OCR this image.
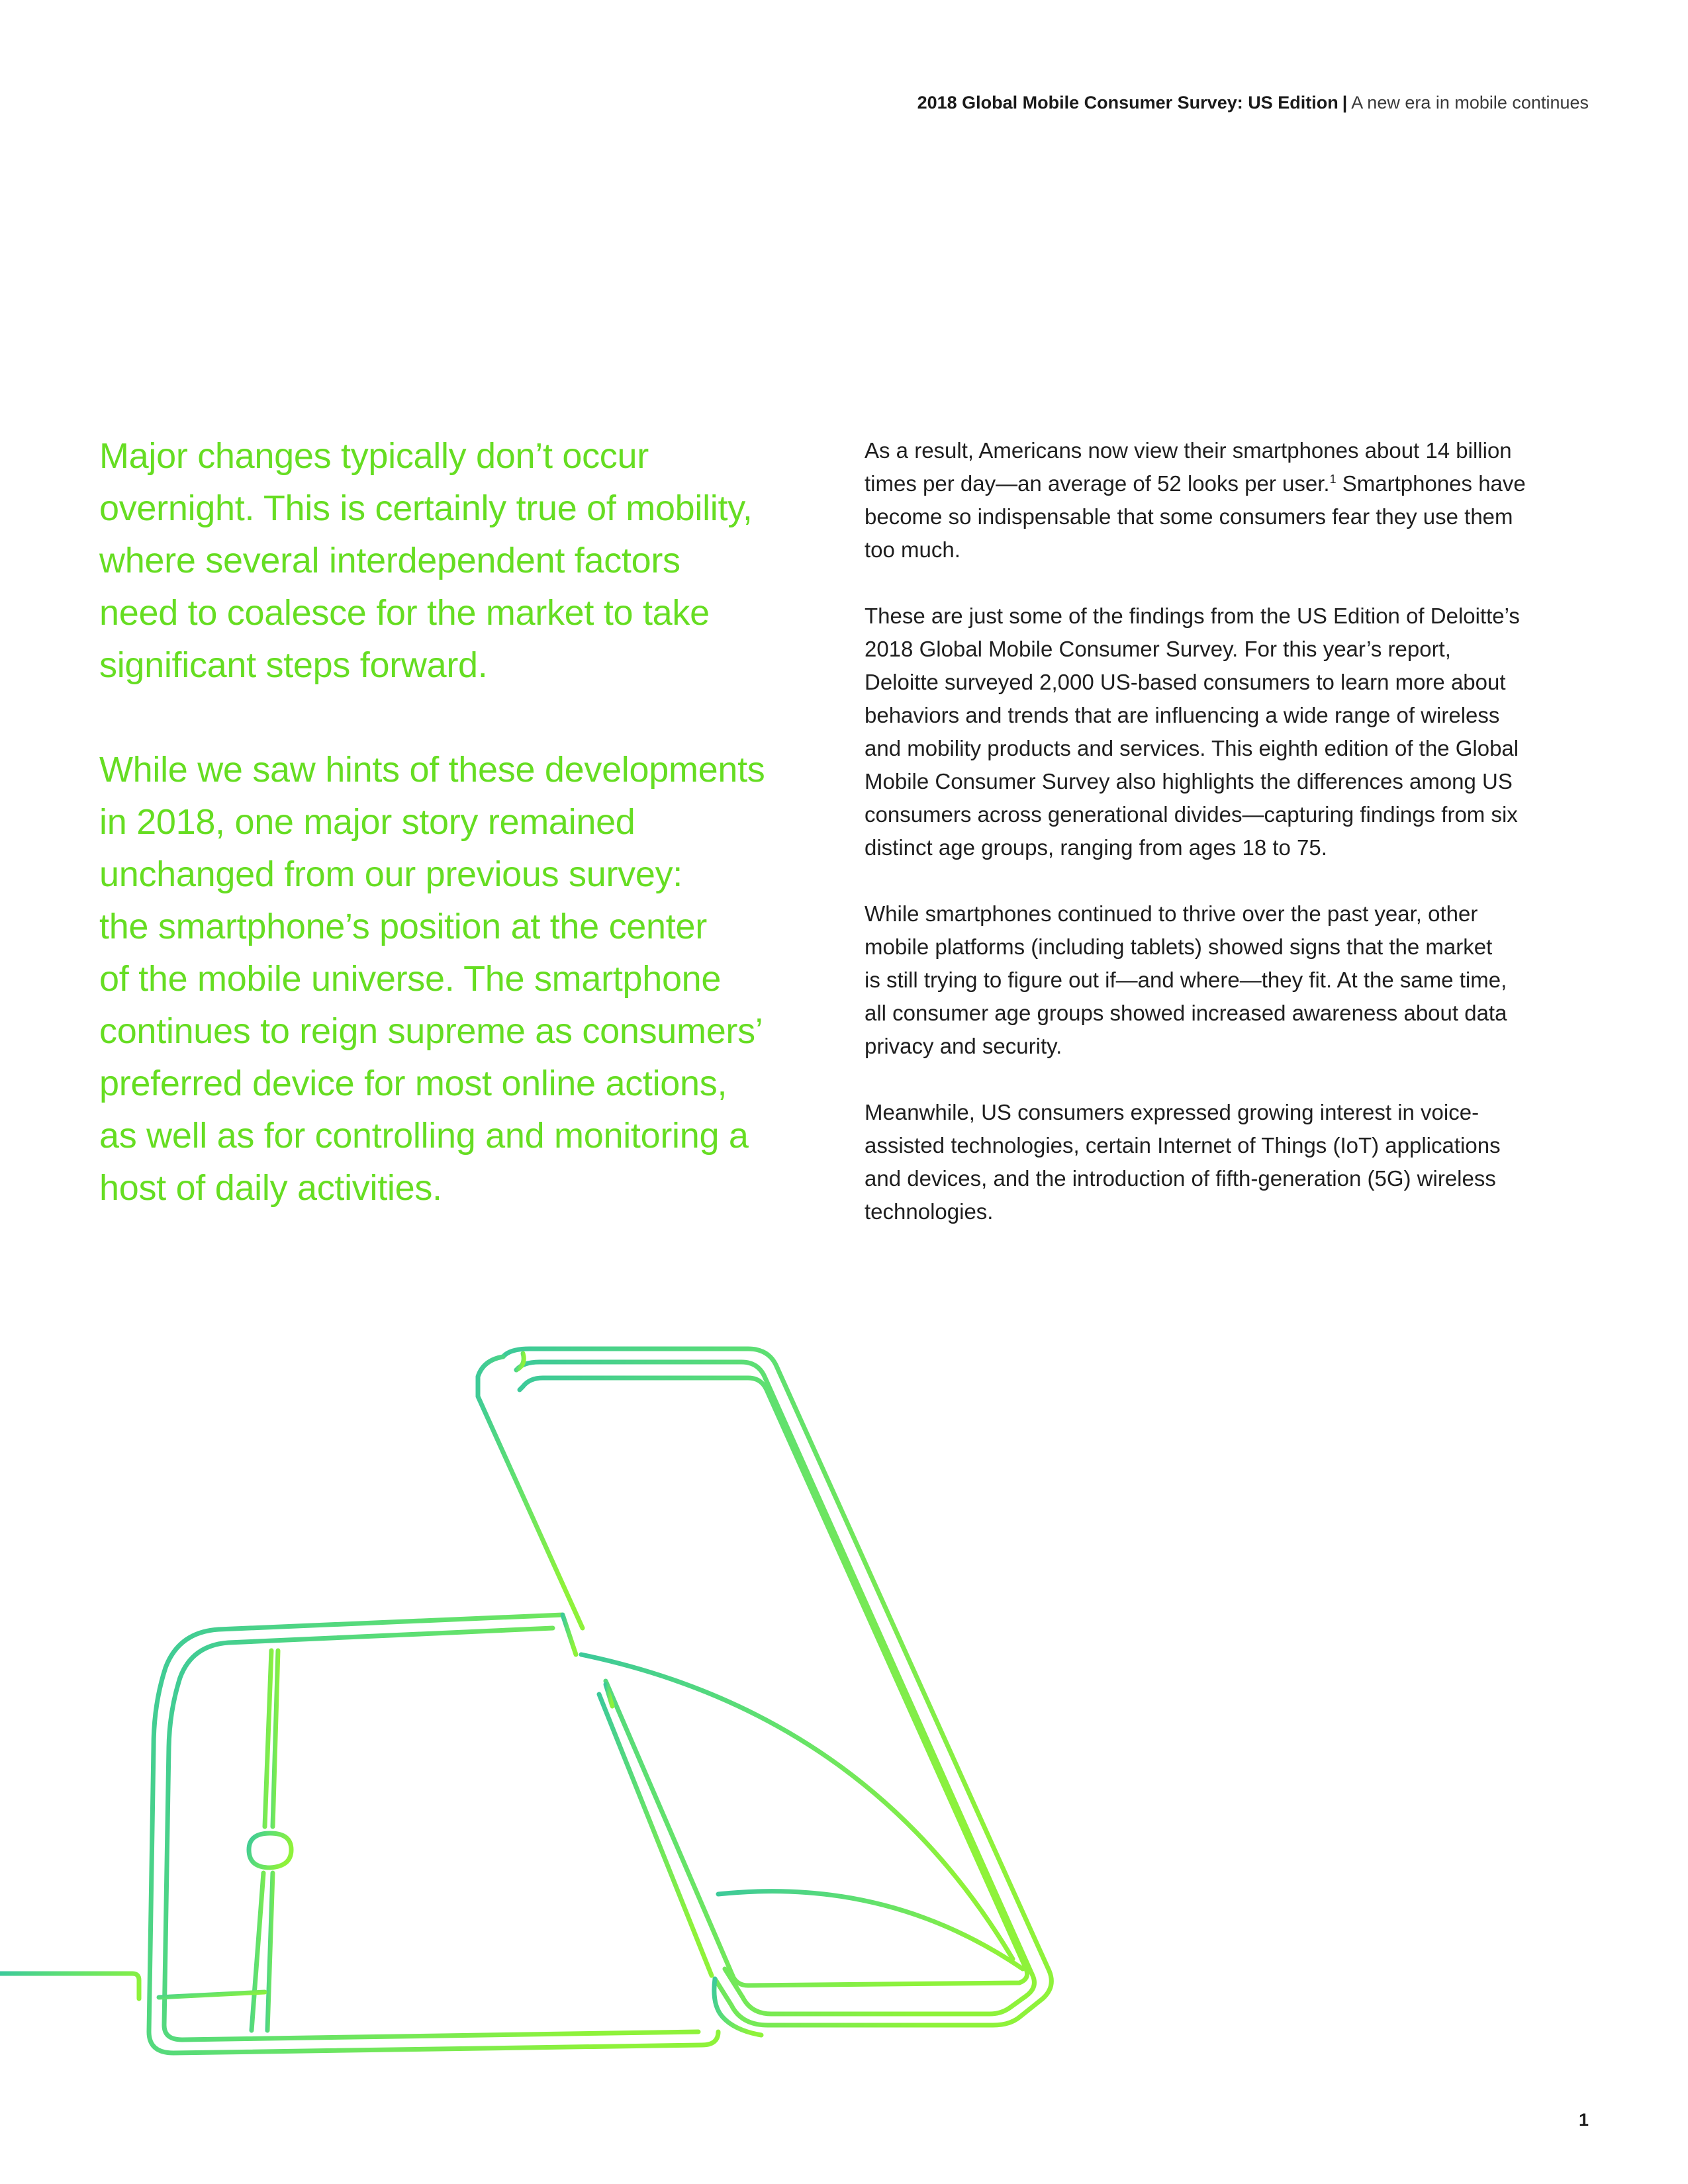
2018 Global Mobile Consumer Survey: US Edition | A new era in mobile continues

Major changes typically don’t occur
overnight. This is certainly true of mobility,
where several interdependent factors
need to coalesce for the market to take
significant steps forward.

While we saw hints of these developments
in 2018, one major story remained
unchanged from our previous survey:
the smartphone’s position at the center
of the mobile universe. The smartphone
continues to reign supreme as consumers’
preferred device for most online actions,
as well as for controlling and monitoring a
host of daily activities.

As a result, Americans now view their smartphones about 14 billion
times per day—an average of 52 looks per user.$^1$ Smartphones have
become so indispensable that some consumers fear they use them
too much.

These are just some of the findings from the US Edition of Deloitte’s
2018 Global Mobile Consumer Survey. For this year’s report,
Deloitte surveyed 2,000 US-based consumers to learn more about
behaviors and trends that are influencing a wide range of wireless
and mobility products and services. This eighth edition of the Global
Mobile Consumer Survey also highlights the differences among US
consumers across generational divides—capturing findings from six
distinct age groups, ranging from ages 18 to 75.

While smartphones continued to thrive over the past year, other
mobile platforms (including tablets) showed signs that the market
is still trying to figure out if—and where—they fit. At the same time,
all consumer age groups showed increased awareness about data
privacy and security.

Meanwhile, US consumers expressed growing interest in voice-
assisted technologies, certain Internet of Things (IoT) applications
and devices, and the introduction of fifth-generation (5G) wireless
technologies.

1
